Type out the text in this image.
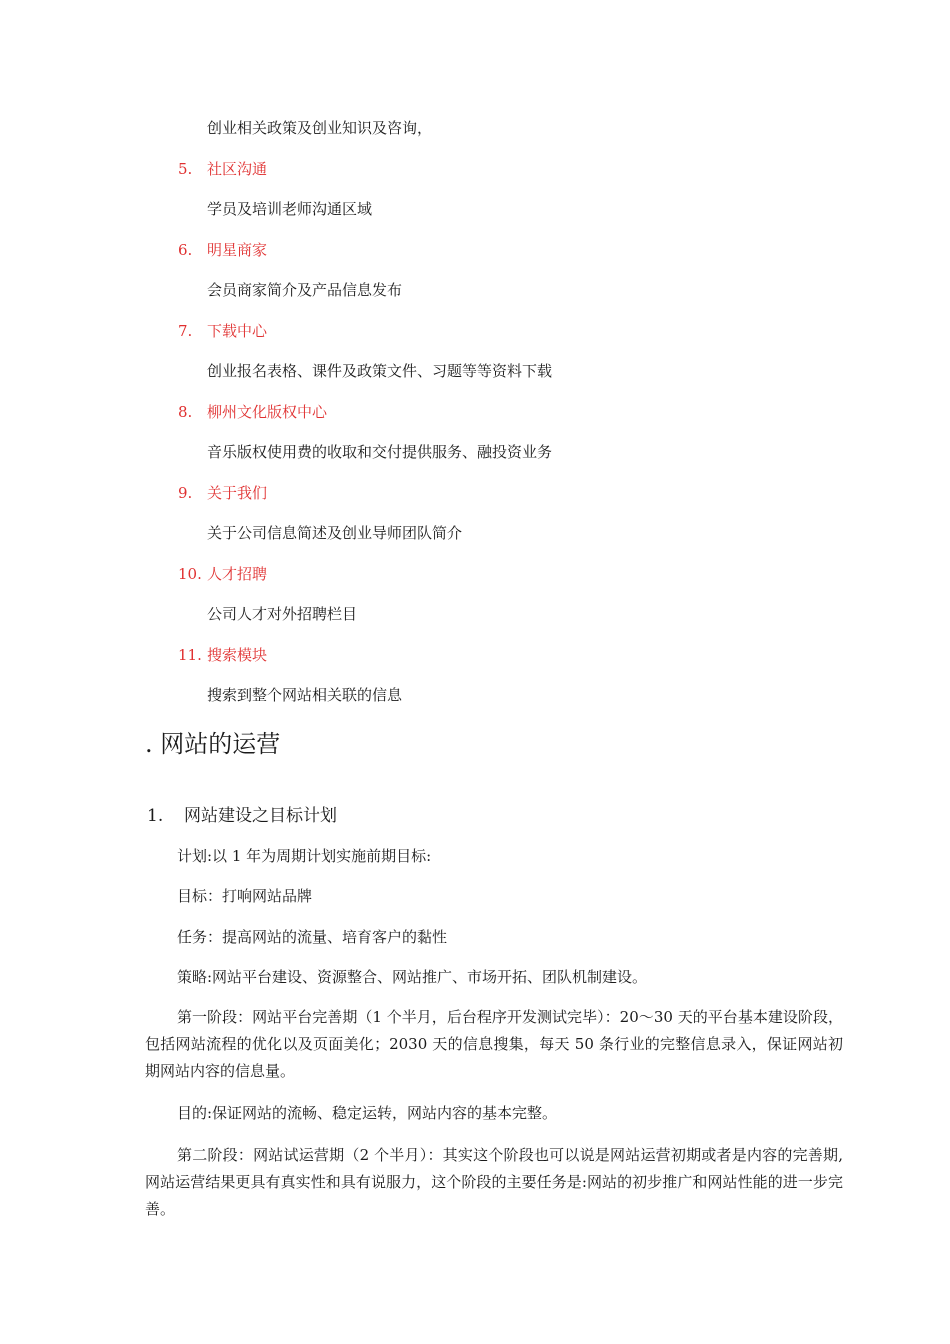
创业相关政策及创业知识及咨询，
5. 社区沟通
学员及培训老师沟通区域
6. 明星商家
会员商家简介及产品信息发布
7. 下载中心
创业报名表格、课件及政策文件、习题等等资料下载
8. 柳州文化版权中心
音乐版权使用费的收取和交付提供服务、融投资业务
9. 关于我们
关于公司信息简述及创业导师团队简介
10. 人才招聘
公司人才对外招聘栏目
11. 搜索模块
搜索到整个网站相关联的信息
. 网站的运营
1. 网站建设之目标计划
计划:以 1 年为周期计划实施前期目标:
目标：打响网站品牌
任务：提高网站的流量、培育客户的黏性
策略:网站平台建设、资源整合、网站推广、市场开拓、团队机制建设。
第一阶段：网站平台完善期（1 个半月，后台程序开发测试完毕）：20～30 天的平台基本建设阶段，包括网站流程的优化以及页面美化；2030 天的信息搜集，每天 50 条行业的完整信息录入，保证网站初期网站内容的信息量。
目的:保证网站的流畅、稳定运转，网站内容的基本完整。
第二阶段：网站试运营期（2 个半月）：其实这个阶段也可以说是网站运营初期或者是内容的完善期,网站运营结果更具有真实性和具有说服力，这个阶段的主要任务是:网站的初步推广和网站性能的进一步完善。
